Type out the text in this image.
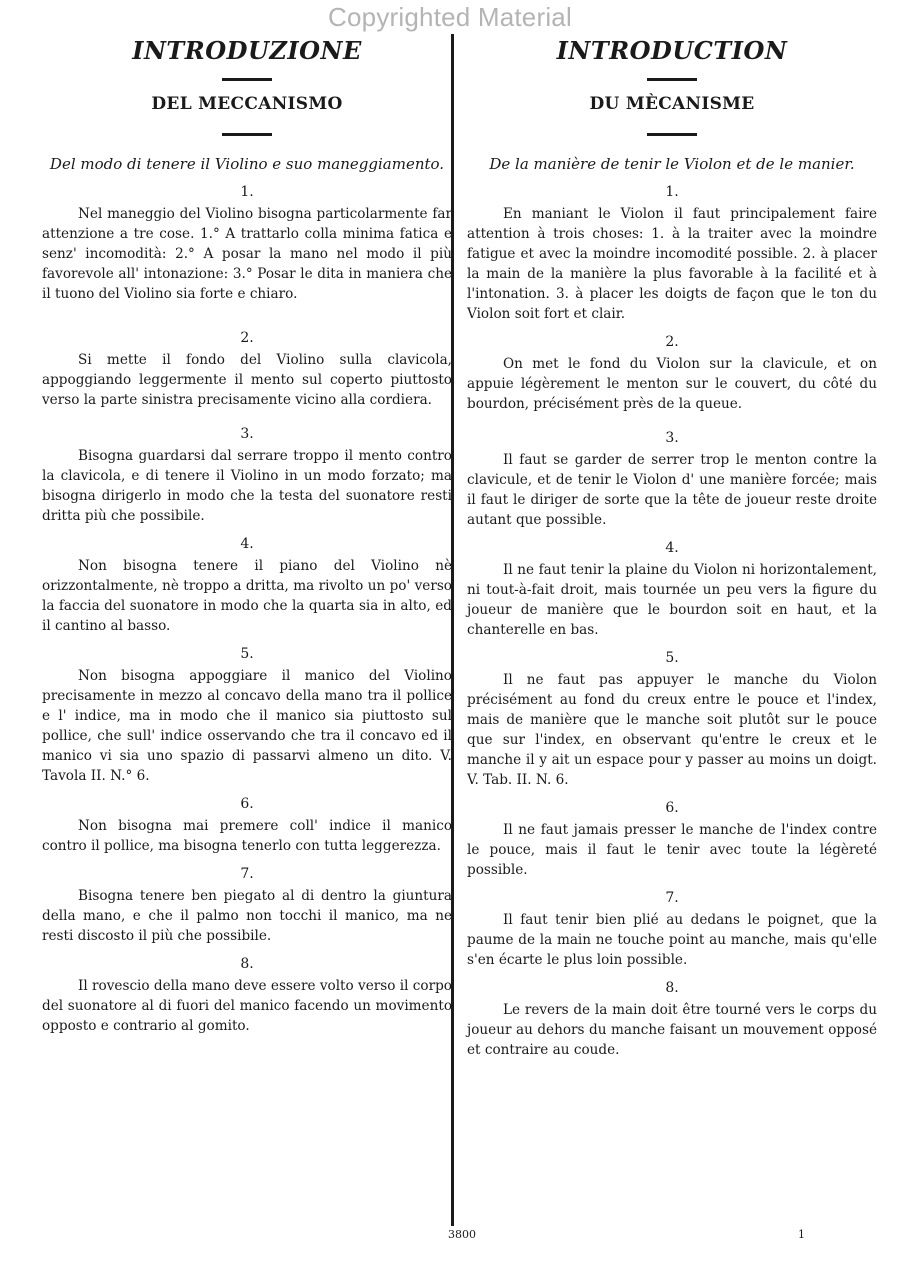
Copyrighted Material
INTRODUZIONE
DEL MECCANISMO
Del modo di tenere il Violino e suo maneggiamento.
1.
Nel maneggio del Violino bisogna particolarmente far attenzione a tre cose. 1.° A trattarlo colla minima fatica e senz' incomodità: 2.° A posar la mano nel modo il più favorevole all' intonazione: 3.° Posar le dita in maniera che il tuono del Violino sia forte e chiaro.
2.
Si mette il fondo del Violino sulla clavicola, appoggiando leggermente il mento sul coperto piuttosto verso la parte sinistra precisamente vicino alla cordiera.
3.
Bisogna guardarsi dal serrare troppo il mento contro la clavicola, e di tenere il Violino in un modo forzato; ma bisogna dirigerlo in modo che la testa del suonatore resti dritta più che possibile.
4.
Non bisogna tenere il piano del Violino nè orizzontalmente, nè troppo a dritta, ma rivolto un po' verso la faccia del suonatore in modo che la quarta sia in alto, ed il cantino al basso.
5.
Non bisogna appoggiare il manico del Violino precisamente in mezzo al concavo della mano tra il pollice e l' indice, ma in modo che il manico sia piuttosto sul pollice, che sull' indice osservando che tra il concavo ed il manico vi sia uno spazio di passarvi almeno un dito. V. Tavola II. N.° 6.
6.
Non bisogna mai premere coll' indice il manico contro il pollice, ma bisogna tenerlo con tutta leggerezza.
7.
Bisogna tenere ben piegato al di dentro la giuntura della mano, e che il palmo non tocchi il manico, ma ne resti discosto il più che possibile.
8.
Il rovescio della mano deve essere volto verso il corpo del suonatore al di fuori del manico facendo un movimento opposto e contrario al gomito.
INTRODUCTION
DU MÈCANISME
De la manière de tenir le Violon et de le manier.
1.
En maniant le Violon il faut principalement faire attention à trois choses: 1. à la traiter avec la moindre fatigue et avec la moindre incomodité possible. 2. à placer la main de la manière la plus favorable à la facilité et à l'intonation. 3. à placer les doigts de façon que le ton du Violon soit fort et clair.
2.
On met le fond du Violon sur la clavicule, et on appuie légèrement le menton sur le couvert, du côté du bourdon, précisément près de la queue.
3.
Il faut se garder de serrer trop le menton contre la clavicule, et de tenir le Violon d' une manière forcée; mais il faut le diriger de sorte que la tête de joueur reste droite autant que possible.
4.
Il ne faut tenir la plaine du Violon ni horizontalement, ni tout-à-fait droit, mais tournée un peu vers la figure du joueur de manière que le bourdon soit en haut, et la chanterelle en bas.
5.
Il ne faut pas appuyer le manche du Violon précisément au fond du creux entre le pouce et l'index, mais de manière que le manche soit plutôt sur le pouce que sur l'index, en observant qu'entre le creux et le manche il y ait un espace pour y passer au moins un doigt. V. Tab. II. N. 6.
6.
Il ne faut jamais presser le manche de l'index contre le pouce, mais il faut le tenir avec toute la légèreté possible.
7.
Il faut tenir bien plié au dedans le poignet, que la paume de la main ne touche point au manche, mais qu'elle s'en écarte le plus loin possible.
8.
Le revers de la main doit être tourné vers le corps du joueur au dehors du manche faisant un mouvement opposé et contraire au coude.
3800	1
